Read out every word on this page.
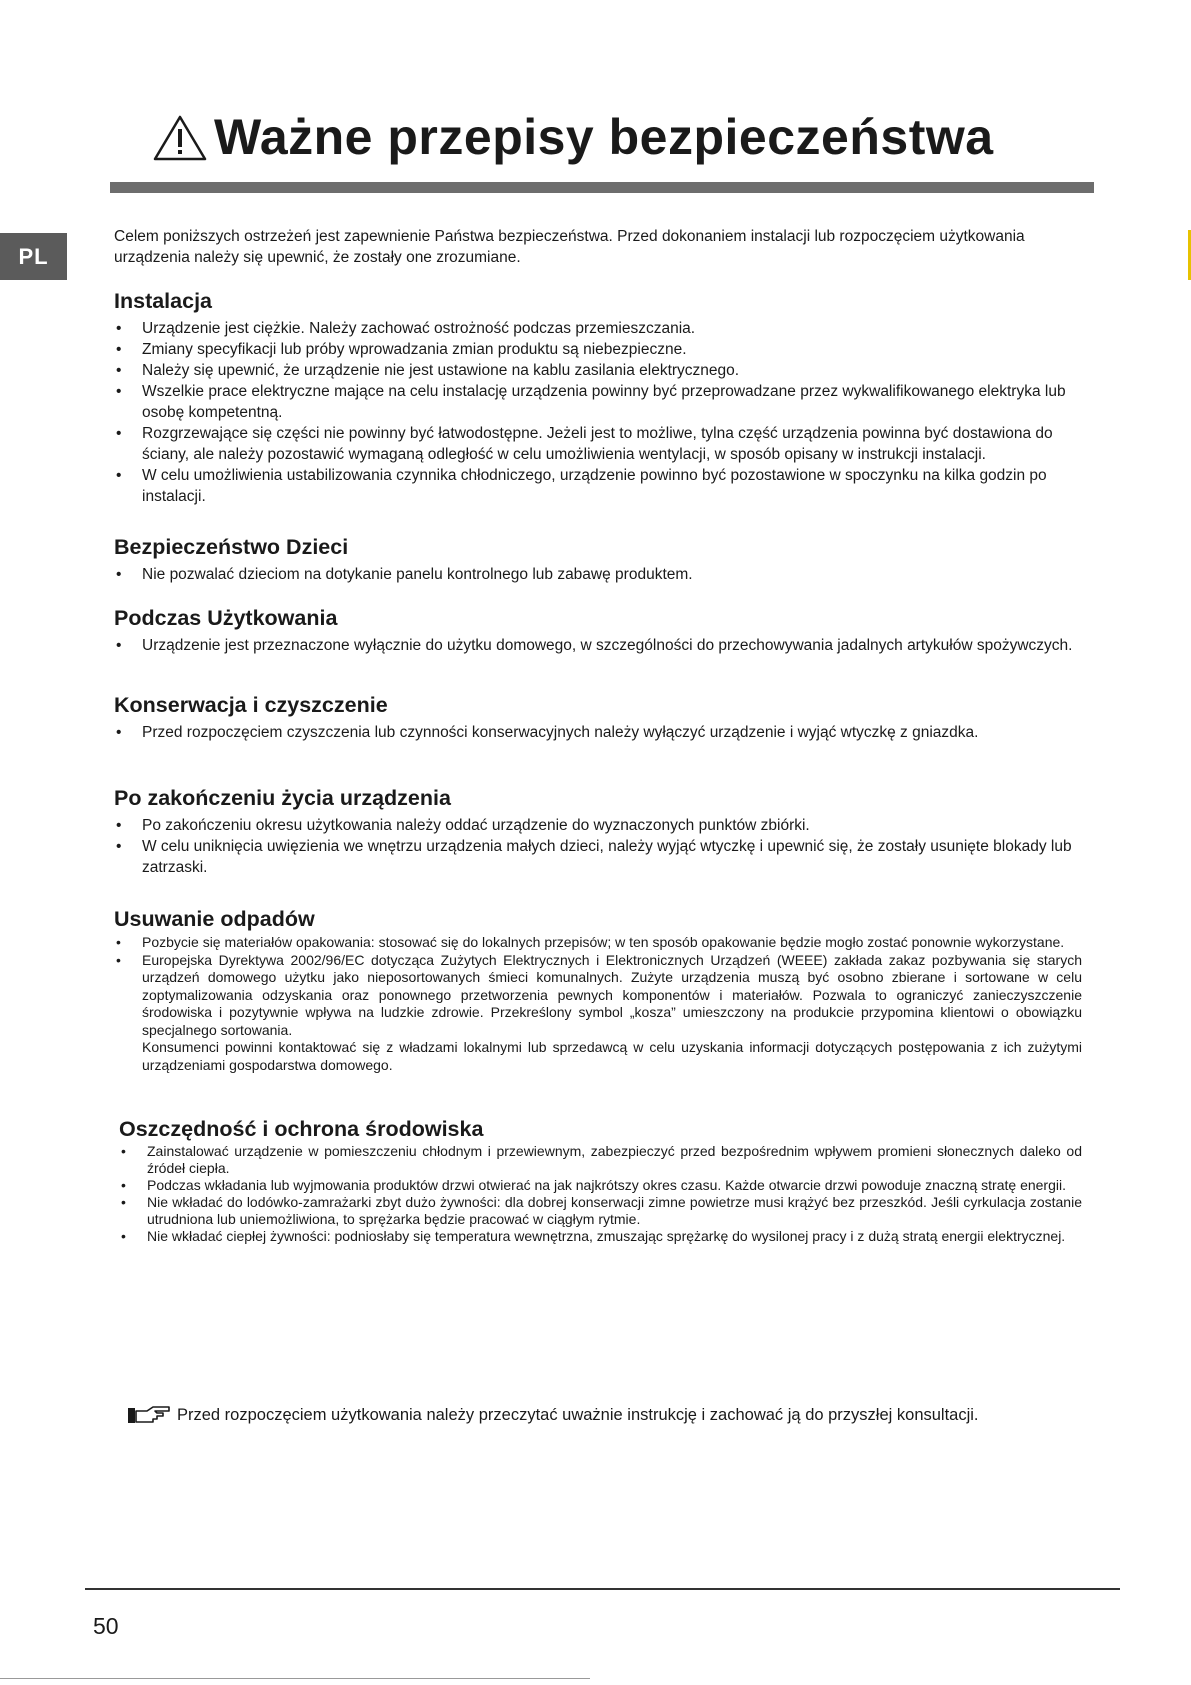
PL
Ważne przepisy bezpieczeństwa

Celem poniższych ostrzeżeń jest zapewnienie Państwa bezpieczeństwa. Przed dokonaniem instalacji lub rozpoczęciem użytkowania urządzenia należy się upewnić, że zostały one zrozumiane.

Instalacja
• Urządzenie jest ciężkie. Należy zachować ostrożność podczas przemieszczania.
• Zmiany specyfikacji lub próby wprowadzania zmian produktu są niebezpieczne.
• Należy się upewnić, że urządzenie nie jest ustawione na kablu zasilania elektrycznego.
• Wszelkie prace elektryczne mające na celu instalację urządzenia powinny być przeprowadzane przez wykwalifikowanego elektryka lub osobę kompetentną.
• Rozgrzewające się części nie powinny być łatwodostępne. Jeżeli jest to możliwe, tylna część urządzenia powinna być dostawiona do ściany, ale należy pozostawić wymaganą odległość w celu umożliwienia wentylacji, w sposób opisany w instrukcji instalacji.
• W celu umożliwienia ustabilizowania czynnika chłodniczego, urządzenie powinno być pozostawione w spoczynku na kilka godzin po instalacji.
Bezpieczeństwo Dzieci
• Nie pozwalać dzieciom na dotykanie panelu kontrolnego lub zabawę produktem.
Podczas Użytkowania
• Urządzenie jest przeznaczone wyłącznie do użytku domowego, w szczególności do przechowywania jadalnych artykułów spożywczych.
Konserwacja i czyszczenie
• Przed rozpoczęciem czyszczenia lub czynności konserwacyjnych należy wyłączyć urządzenie i wyjąć wtyczkę z gniazdka.
Po zakończeniu życia urządzenia
• Po zakończeniu okresu użytkowania należy oddać urządzenie do wyznaczonych punktów zbiórki.
• W celu uniknięcia uwięzienia we wnętrzu urządzenia małych dzieci, należy wyjąć wtyczkę i upewnić się, że zostały usunięte blokady lub zatrzaski.
Usuwanie odpadów
• Pozbycie się materiałów opakowania: stosować się do lokalnych przepisów; w ten sposób opakowanie będzie mogło zostać ponownie wykorzystane.
• Europejska Dyrektywa 2002/96/EC dotycząca Zużytych Elektrycznych i Elektronicznych Urządzeń (WEEE) zakłada zakaz pozbywania się starych urządzeń domowego użytku jako nieposortowanych śmieci komunalnych. Zużyte urządzenia muszą być osobno zbierane i sortowane w celu zoptymalizowania odzyskania oraz ponownego przetworzenia pewnych komponentów i materiałów. Pozwala to ograniczyć zanieczyszczenie środowiska i pozytywnie wpływa na ludzkie zdrowie. Przekreślony symbol „kosza” umieszczony na produkcie przypomina klientowi o obowiązku specjalnego sortowania.
Konsumenci powinni kontaktować się z władzami lokalnymi lub sprzedawcą w celu uzyskania informacji dotyczących postępowania z ich zużytymi urządzeniami gospodarstwa domowego.
Oszczędność i ochrona środowiska
• Zainstalować urządzenie w pomieszczeniu chłodnym i przewiewnym, zabezpieczyć przed bezpośrednim wpływem promieni słonecznych daleko od źródeł ciepła.
• Podczas wkładania lub wyjmowania produktów drzwi otwierać na jak najkrótszy okres czasu. Każde otwarcie drzwi powoduje znaczną stratę energii.
• Nie wkładać do lodówko-zamrażarki zbyt dużo żywności: dla dobrej konserwacji zimne powietrze musi krążyć bez przeszkód. Jeśli cyrkulacja zostanie utrudniona lub uniemożliwiona, to sprężarka będzie pracować w ciągłym rytmie.
• Nie wkładać ciepłej żywności: podniosłaby się temperatura wewnętrzna, zmuszając sprężarkę do wysilonej pracy i z dużą stratą energii elektrycznej.
Przed rozpoczęciem użytkowania należy przeczytać uważnie instrukcję i zachować ją do przyszłej konsultacji.
50
